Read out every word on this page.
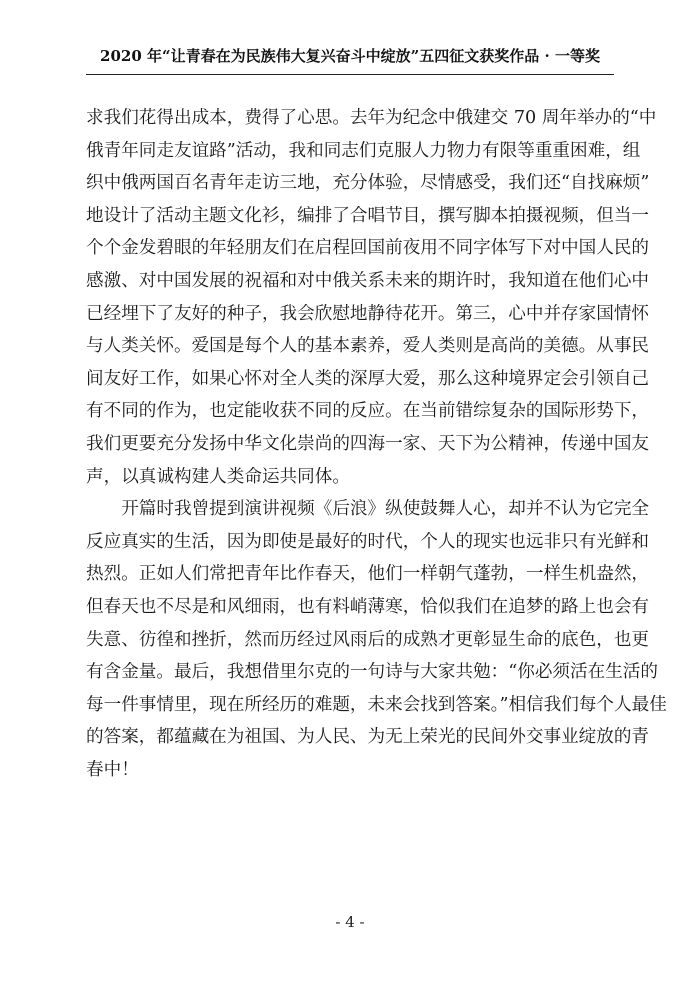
2020 年“让青春在为民族伟大复兴奋斗中绽放”五四征文获奖作品 · 一等奖
求我们花得出成本，费得了心思。去年为纪念中俄建交 70 周年举办的“中
俄青年同走友谊路”活动，我和同志们克服人力物力有限等重重困难，组
织中俄两国百名青年走访三地，充分体验，尽情感受，我们还“自找麻烦”
地设计了活动主题文化衫，编排了合唱节目，撰写脚本拍摄视频，但当一
个个金发碧眼的年轻朋友们在启程回国前夜用不同字体写下对中国人民的
感激、对中国发展的祝福和对中俄关系未来的期许时，我知道在他们心中
已经埋下了友好的种子，我会欣慰地静待花开。第三，心中并存家国情怀
与人类关怀。爱国是每个人的基本素养，爱人类则是高尚的美德。从事民
间友好工作，如果心怀对全人类的深厚大爱，那么这种境界定会引领自己
有不同的作为，也定能收获不同的反应。在当前错综复杂的国际形势下，
我们更要充分发扬中华文化崇尚的四海一家、天下为公精神，传递中国友
声，以真诚构建人类命运共同体。
　　开篇时我曾提到演讲视频《后浪》纵使鼓舞人心，却并不认为它完全
反应真实的生活，因为即使是最好的时代，个人的现实也远非只有光鲜和
热烈。正如人们常把青年比作春天，他们一样朝气蓬勃，一样生机盎然，
但春天也不尽是和风细雨，也有料峭薄寒，恰似我们在追梦的路上也会有
失意、彷徨和挫折，然而历经过风雨后的成熟才更彰显生命的底色，也更
有含金量。最后，我想借里尔克的一句诗与大家共勉：“你必须活在生活的
每一件事情里，现在所经历的难题，未来会找到答案。”相信我们每个人最佳
的答案，都蕴藏在为祖国、为人民、为无上荣光的民间外交事业绽放的青
春中！
- 4 -
